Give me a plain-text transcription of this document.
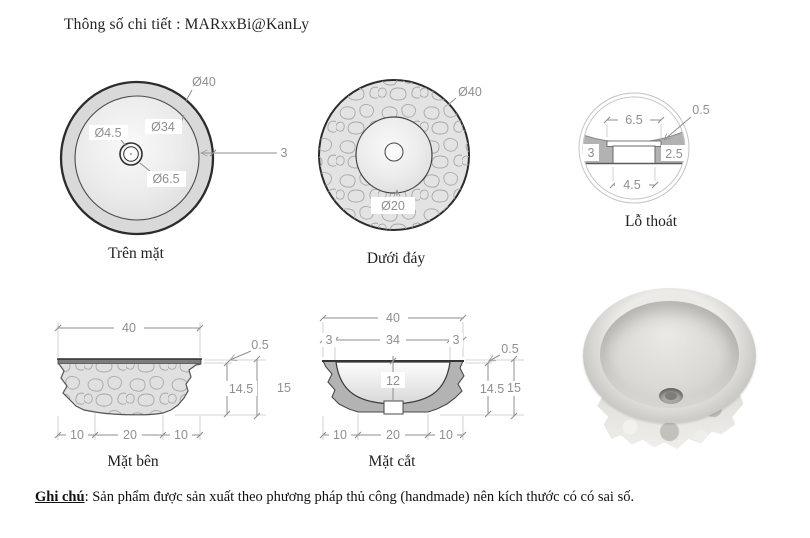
Thông số chi tiết : MARxxBi@KanLy
Ø40
Ø34
Ø4.5
Ø6.5
3
Ø40
Ø20
6.5
4.5
3	2.5
0.5
40
10	20	10
14.5 15
0.5
40
3	34	3
12
14.5 15
0.5
10	20	10
Trên mặt	Dưới đáy
Lỗ thoát
Mặt bên	Mặt cắt
Ghi chú: Sản phẩm được sản xuất theo phương pháp thủ công (handmade) nên kích thước có có sai số.
